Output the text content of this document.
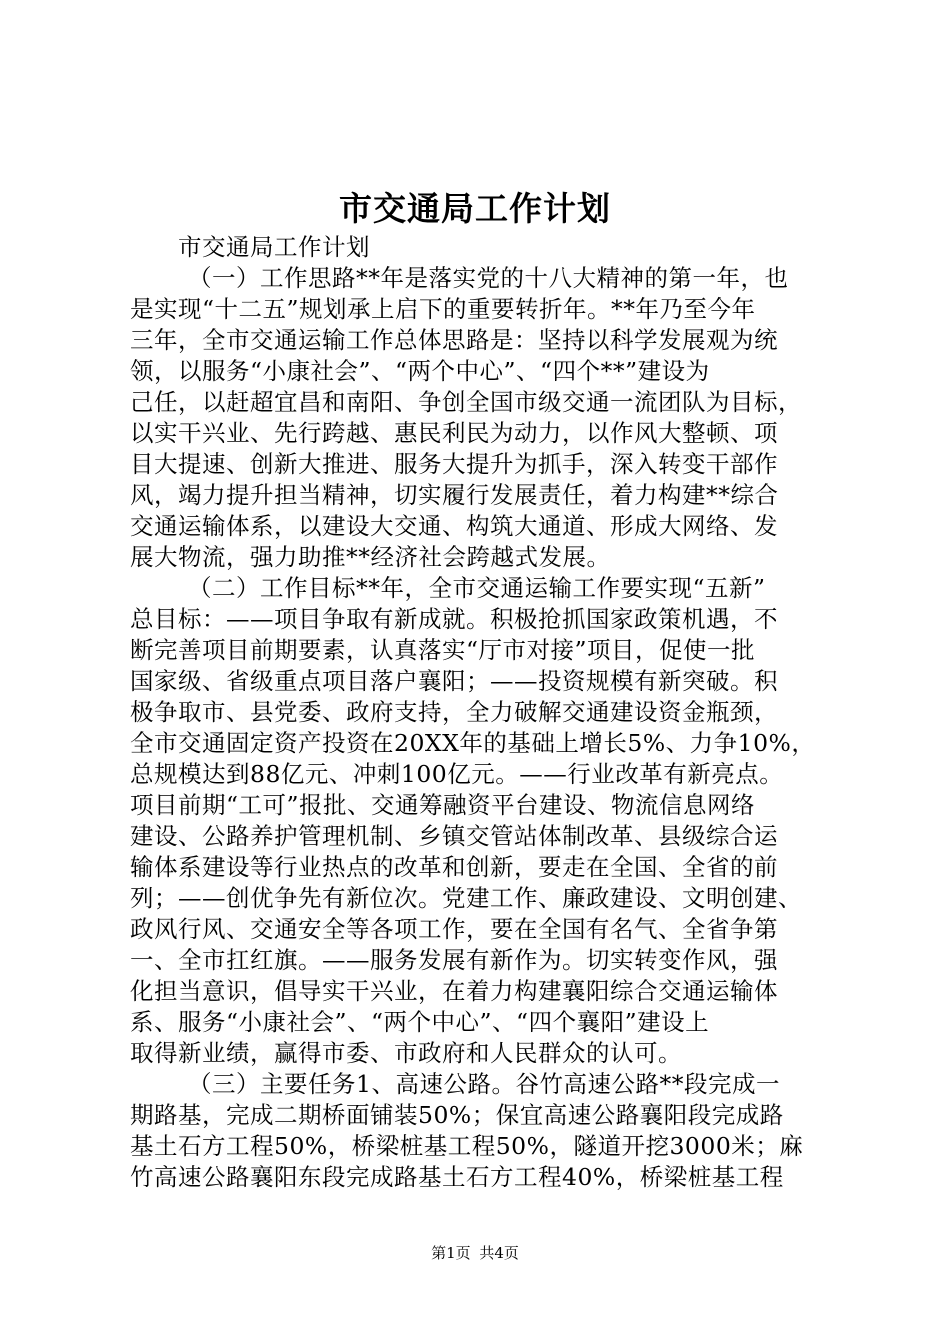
市交通局工作计划
市交通局工作计划
（一）工作思路**年是落实党的十八大精神的第一年，也
是实现“十二五”规划承上启下的重要转折年。**年乃至今年
三年，全市交通运输工作总体思路是：坚持以科学发展观为统
领，以服务“小康社会”、“两个中心”、“四个**”建设为
己任，以赶超宜昌和南阳、争创全国市级交通一流团队为目标，
以实干兴业、先行跨越、惠民利民为动力，以作风大整顿、项
目大提速、创新大推进、服务大提升为抓手，深入转变干部作
风，竭力提升担当精神，切实履行发展责任，着力构建**综合
交通运输体系，以建设大交通、构筑大通道、形成大网络、发
展大物流，强力助推**经济社会跨越式发展。
（二）工作目标**年，全市交通运输工作要实现“五新”
总目标：——项目争取有新成就。积极抢抓国家政策机遇，不
断完善项目前期要素，认真落实“厅市对接”项目，促使一批
国家级、省级重点项目落户襄阳；——投资规模有新突破。积
极争取市、县党委、政府支持，全力破解交通建设资金瓶颈，
全市交通固定资产投资在20XX年的基础上增长5%、力争10%，
总规模达到88亿元、冲刺100亿元。——行业改革有新亮点。
项目前期“工可”报批、交通筹融资平台建设、物流信息网络
建设、公路养护管理机制、乡镇交管站体制改革、县级综合运
输体系建设等行业热点的改革和创新，要走在全国、全省的前
列；——创优争先有新位次。党建工作、廉政建设、文明创建、
政风行风、交通安全等各项工作，要在全国有名气、全省争第
一、全市扛红旗。——服务发展有新作为。切实转变作风，强
化担当意识，倡导实干兴业，在着力构建襄阳综合交通运输体
系、服务“小康社会”、“两个中心”、“四个襄阳”建设上
取得新业绩，赢得市委、市政府和人民群众的认可。
（三）主要任务1、高速公路。谷竹高速公路**段完成一
期路基，完成二期桥面铺装50%；保宜高速公路襄阳段完成路
基土石方工程50%，桥梁桩基工程50%，隧道开挖3000米；麻
竹高速公路襄阳东段完成路基土石方工程40%，桥梁桩基工程
第1页 共4页
